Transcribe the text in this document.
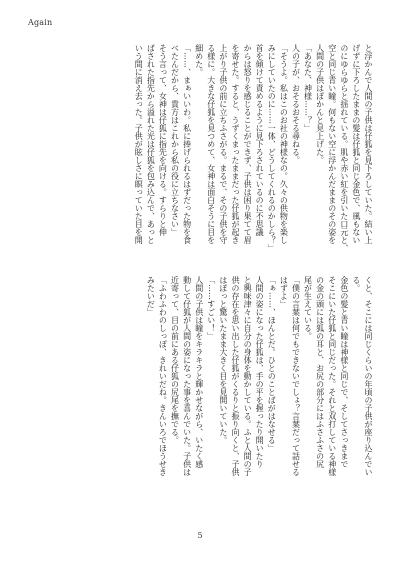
Again
と浮かんで人間の子供は仔狐を見下ろしていた。結い上
げずに下ろしたままの髪は仔狐と同じ金色で、風もない
のにゆらゆらと揺れている。肌や赤い紅を引いた口元と、
空と同じ青い瞳。何もない空に浮かんだままのその姿を
人間の子供はぽかんと見上げた。
「あなた、神様……？」
人の子が、おそるおそる尋ねる。
「そうよ。私はこのお社の神様なの。久々の供物を楽し
みにしていたのに……一体、どうしてくれるのかしら？」
首を傾けて責めるように見下ろされているのに不思議
からは怒りを感じることができず、子供は困り果てて眉
を寄せた。すると、うずくまったままだった仔狐が起き
上がり子供の前に立ちふさがる。まるで、その子供を守
る様に。大きな仔狐を見つめて、女神は面白そうに目を
細めた。
「……、まぁいいわ。私に捧げられるはずだった物を食
べたんだから、貴方はこれから私の役に立ちなさい」
そう言って、女神は仔狐に指先を向ける。すらりと伸
ばされた指先から溢れた光は仔狐を包み込んで、あっと
いう間に消え去った。子供が眩しさに瞑っていた目を開
くと、そこには同じくらいの年頃の子供が座り込んでい
る。
金色の髪と青い瞳は神様と同じで、そしてさっきまで
そこにいた仔狐と同じだった。それと双打している神様
の金の頭には狐の耳と、お尻の部分にはふさふさの尻
尾が生えている。
「僕の言葉は何でもできないでしょ？言葉だって話せる
はずよ」
「ぁ……、ほんとだ。ひとのことばがはなせる」
人間の姿になった仔狐は、手の平を握ったり開いたり
と興味津々に自分の身体を動かしている。ふと人間の子
供の存在を思い出した仔狐がくるりと振り向くと、子供
はぽっと驚いたまま大きく目を見開いていた。
「……すごい！」
人間の子供は瞳をキラキラと輝かせながら、いたく感
動して仔狐が人間の姿になった事を喜んでいた。子供は
近寄って、目の前にある仔狐の尻尾を撫でる。
「ふわふわのしっぽ、きれいだね。きんいろでほうせき
みたいだ」
5
